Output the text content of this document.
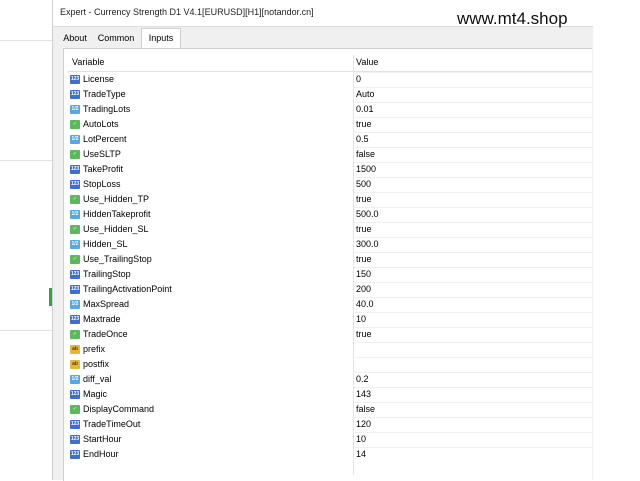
Expert - Currency Strength D1 V4.1[EURUSD][H1][notandor.cn]	www.mt4.shop
About	Common	Inputs
Variable	Value
123 License	0
123 TradeType	Auto
1/2 TradingLots	0.01
✓ AutoLots	true
1/2 LotPercent	0.5
✓ UseSLTP	false
123 TakeProfit	1500
123 StopLoss	500
✓ Use_Hidden_TP	true
1/2 HiddenTakeprofit	500.0
✓ Use_Hidden_SL	true
1/2 Hidden_SL	300.0
✓ Use_TrailingStop	true
123 TrailingStop	150
123 TrailingActivationPoint	200
1/2 MaxSpread	40.0
123 Maxtrade	10
✓ TradeOnce	true
ab prefix
ab postfix
1/2 diff_val	0.2
123 Magic	143
✓ DisplayCommand	false
123 TradeTimeOut	120
123 StartHour	10
123 EndHour	14
